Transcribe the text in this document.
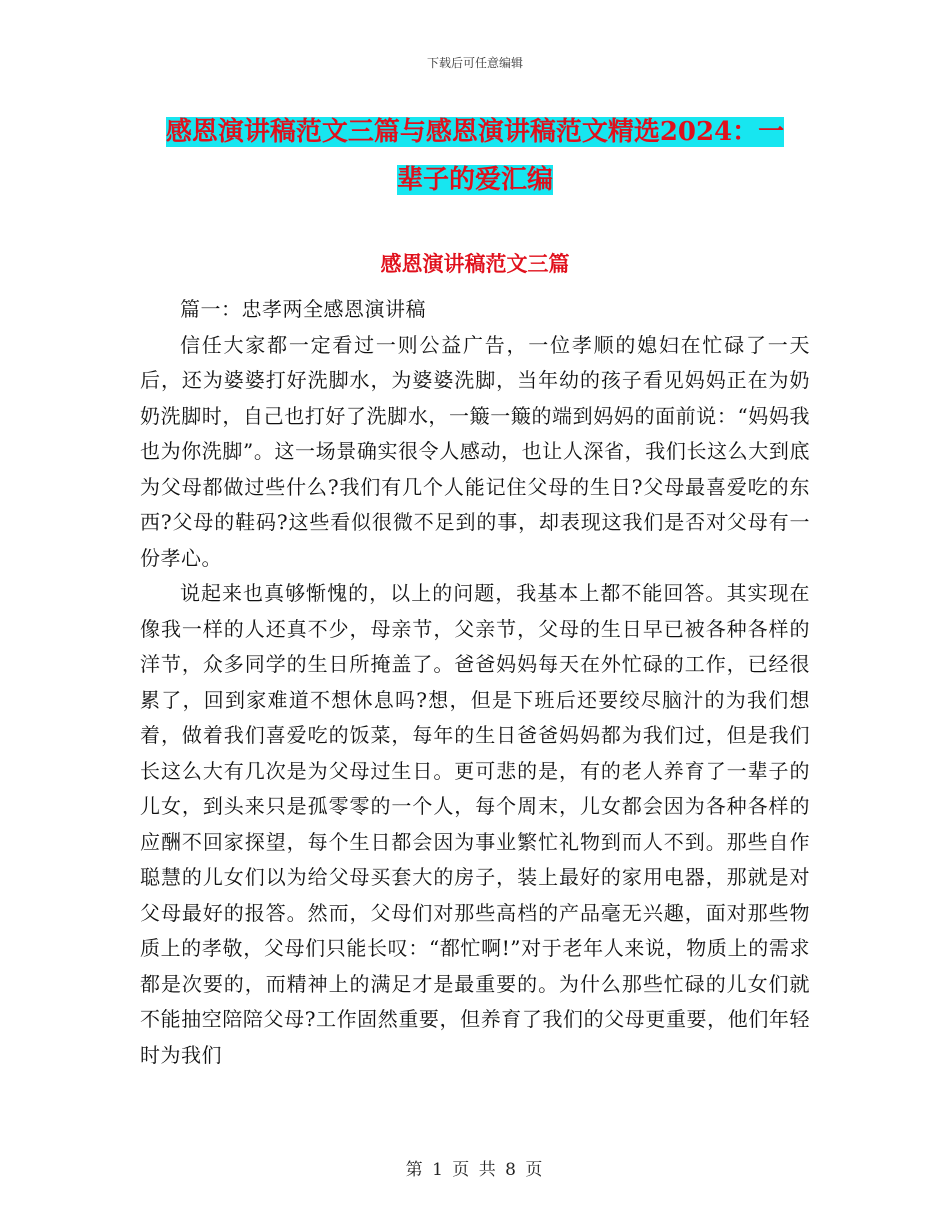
下载后可任意编辑
感恩演讲稿范文三篇与感恩演讲稿范文精选2024：一
辈子的爱汇编
感恩演讲稿范文三篇

篇一：忠孝两全感恩演讲稿

信任大家都一定看过一则公益广告，一位孝顺的媳妇在忙碌了一天后，还为婆婆打好洗脚水，为婆婆洗脚，当年幼的孩子看见妈妈正在为奶奶洗脚时，自己也打好了洗脚水，一簸一簸的端到妈妈的面前说：“妈妈我也为你洗脚”。这一场景确实很令人感动，也让人深省，我们长这么大到底为父母都做过些什么?我们有几个人能记住父母的生日?父母最喜爱吃的东西?父母的鞋码?这些看似很微不足到的事，却表现这我们是否对父母有一份孝心。

说起来也真够惭愧的，以上的问题，我基本上都不能回答。其实现在像我一样的人还真不少，母亲节，父亲节，父母的生日早已被各种各样的洋节，众多同学的生日所掩盖了。爸爸妈妈每天在外忙碌的工作，已经很累了，回到家难道不想休息吗?想，但是下班后还要绞尽脑汁的为我们想着，做着我们喜爱吃的饭菜，每年的生日爸爸妈妈都为我们过，但是我们长这么大有几次是为父母过生日。更可悲的是，有的老人养育了一辈子的儿女，到头来只是孤零零的一个人，每个周末，儿女都会因为各种各样的应酬不回家探望，每个生日都会因为事业繁忙礼物到而人不到。那些自作聪慧的儿女们以为给父母买套大的房子，装上最好的家用电器，那就是对父母最好的报答。然而，父母们对那些高档的产品毫无兴趣，面对那些物质上的孝敬，父母们只能长叹：“都忙啊!”对于老年人来说，物质上的需求都是次要的，而精神上的满足才是最重要的。为什么那些忙碌的儿女们就不能抽空陪陪父母?工作固然重要，但养育了我们的父母更重要，他们年轻时为我们

第 1 页 共 8 页
